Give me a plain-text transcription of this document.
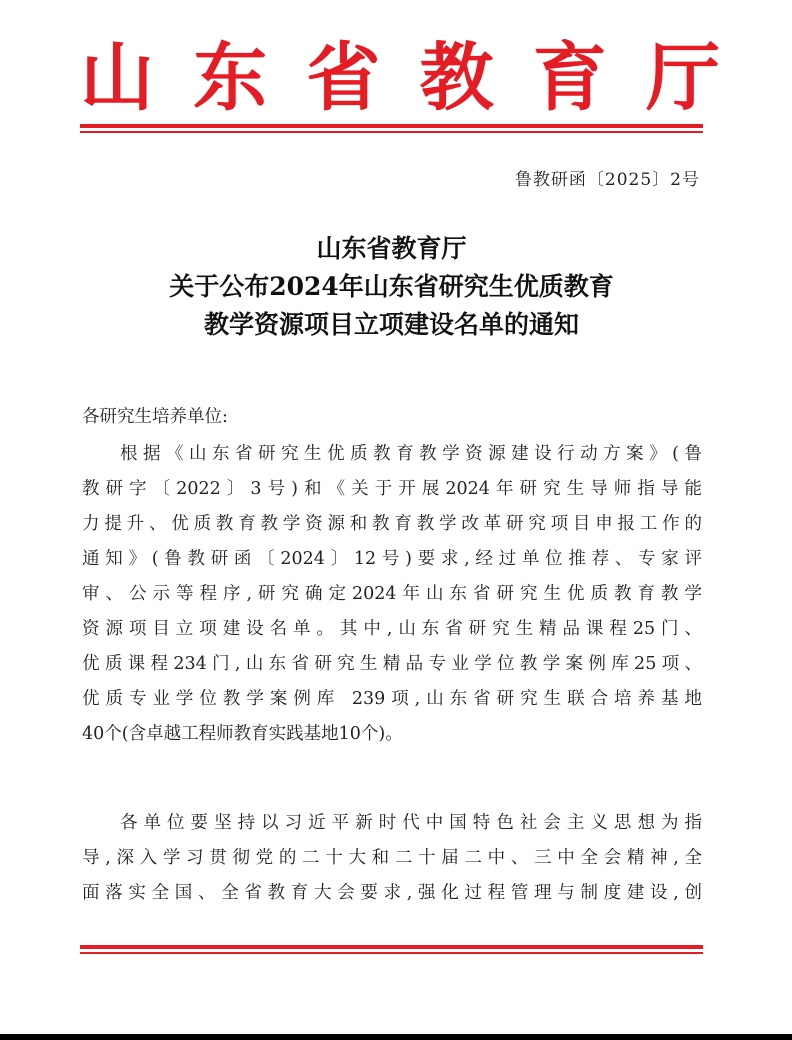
山 东 省 教 育 厅
鲁教研函〔2025〕2号
山东省教育厅
关于公布2024年山东省研究生优质教育
教学资源项目立项建设名单的通知
各研究生培养单位:
根据《山东省研究生优质教育教学资源建设行动方案》(鲁
教研字〔2022〕3号)和《关于开展2024年研究生导师指导能
力提升、优质教育教学资源和教育教学改革研究项目申报工作的
通知》(鲁教研函〔2024〕12号)要求,经过单位推荐、专家评
审、公示等程序,研究确定2024年山东省研究生优质教育教学
资源项目立项建设名单。其中,山东省研究生精品课程25门、
优质课程234门,山东省研究生精品专业学位教学案例库25项、
优质专业学位教学案例库 239项,山东省研究生联合培养基地
40个(含卓越工程师教育实践基地10个)。
各单位要坚持以习近平新时代中国特色社会主义思想为指
导,深入学习贯彻党的二十大和二十届二中、三中全会精神,全
面落实全国、全省教育大会要求,强化过程管理与制度建设,创
